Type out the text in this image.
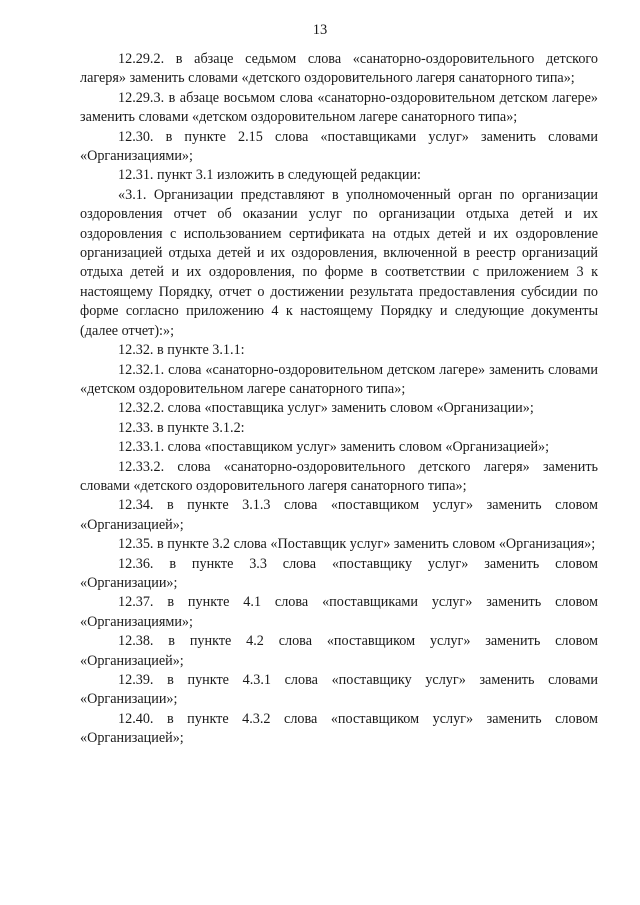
13

12.29.2. в абзаце седьмом слова «санаторно-оздоровительного детского лагеря» заменить словами «детского оздоровительного лагеря санаторного типа»;

12.29.3. в абзаце восьмом слова «санаторно-оздоровительном детском лагере» заменить словами «детском оздоровительном лагере санаторного типа»;

12.30. в пункте 2.15 слова «поставщиками услуг» заменить словами «Организациями»;

12.31. пункт 3.1 изложить в следующей редакции:

«3.1. Организации представляют в уполномоченный орган по организации оздоровления отчет об оказании услуг по организации отдыха детей и их оздоровления с использованием сертификата на отдых детей и их оздоровление организацией отдыха детей и их оздоровления, включенной в реестр организаций отдыха детей и их оздоровления, по форме в соответствии с приложением 3 к настоящему Порядку, отчет о достижении результата предоставления субсидии по форме согласно приложению 4 к настоящему Порядку и следующие документы (далее отчет):»;

12.32. в пункте 3.1.1:

12.32.1. слова «санаторно-оздоровительном детском лагере» заменить словами «детском оздоровительном лагере санаторного типа»;

12.32.2. слова «поставщика услуг» заменить словом «Организации»;

12.33. в пункте 3.1.2:

12.33.1. слова «поставщиком услуг» заменить словом «Организацией»;

12.33.2. слова «санаторно-оздоровительного детского лагеря» заменить словами «детского оздоровительного лагеря санаторного типа»;

12.34. в пункте 3.1.3 слова «поставщиком услуг» заменить словом «Организацией»;

12.35. в пункте 3.2 слова «Поставщик услуг» заменить словом «Организация»;

12.36. в пункте 3.3 слова «поставщику услуг» заменить словом «Организации»;

12.37. в пункте 4.1 слова «поставщиками услуг» заменить словом «Организациями»;

12.38. в пункте 4.2 слова «поставщиком услуг» заменить словом «Организацией»;

12.39. в пункте 4.3.1 слова «поставщику услуг» заменить словами «Организации»;

12.40. в пункте 4.3.2 слова «поставщиком услуг» заменить словом «Организацией»;
